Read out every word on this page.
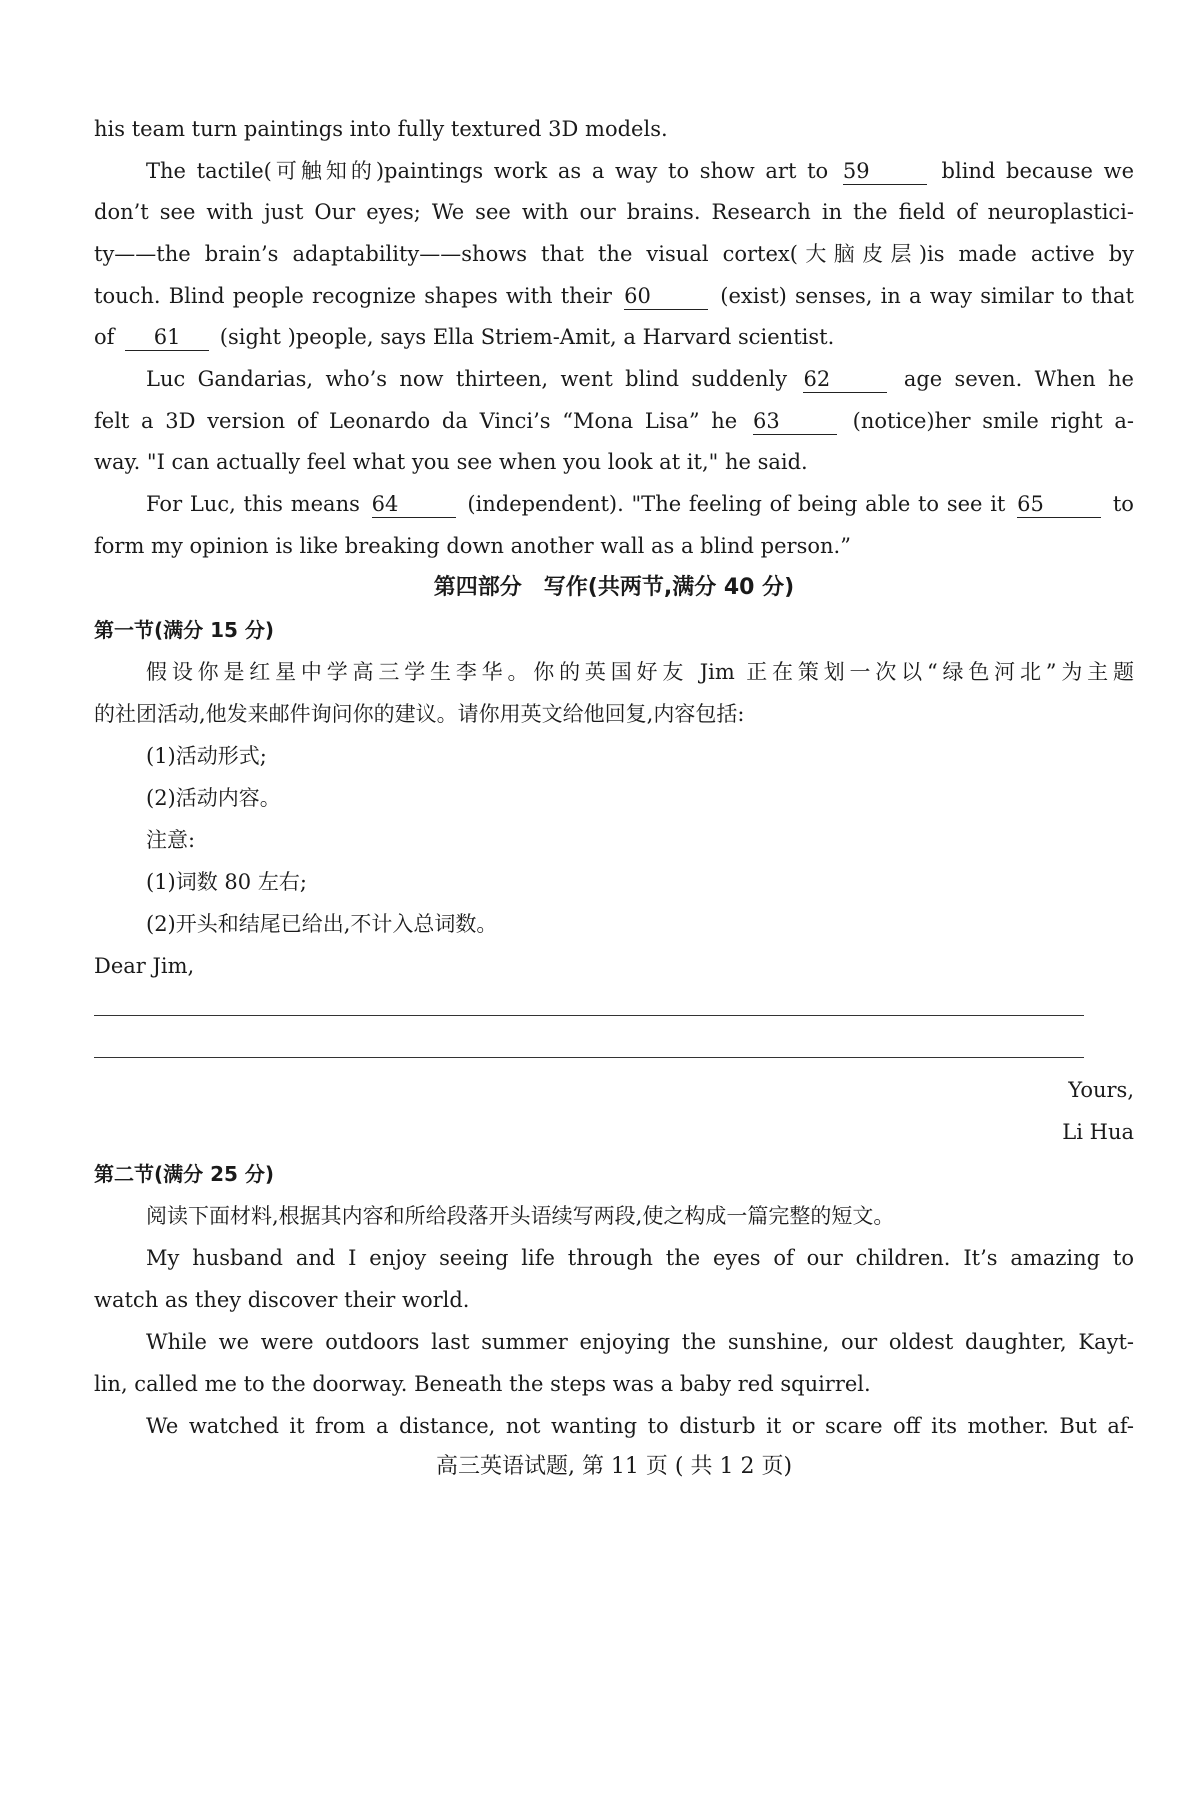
his team turn paintings into fully textured 3D models.
The tactile(可触知的)paintings work as a way to show art to 59	blind because we
don’t see with just Our eyes; We see with our brains. Research in the field of neuroplastici-
ty——the brain’s adaptability——shows that the visual cortex(大脑皮层)is made active by
touch. Blind people recognize shapes with their 60	(exist) senses, in a way similar to that
of 61 (sight )people, says Ella Striem-Amit, a Harvard scientist.
Luc Gandarias, who’s now thirteen, went blind suddenly 62	age seven. When he
felt a 3D version of Leonardo da Vinci’s “Mona Lisa” he 63	(notice)her smile right a-
way. "I can actually feel what you see when you look at it," he said.
For Luc, this means 64	(independent). "The feeling of being able to see it 65	to
form my opinion is like breaking down another wall as a blind person.”
第四部分　写作(共两节,满分 40 分)
第一节(满分 15 分)
假设你是红星中学高三学生李华。你的英国好友 Jim 正在策划一次以“绿色河北”为主题
的社团活动,他发来邮件询问你的建议。请你用英文给他回复,内容包括:
(1)活动形式;
(2)活动内容。
注意:
(1)词数 80 左右;
(2)开头和结尾已给出,不计入总词数。
Dear Jim,
Yours,
Li Hua
第二节(满分 25 分)
阅读下面材料,根据其内容和所给段落开头语续写两段,使之构成一篇完整的短文。
My husband and I enjoy seeing life through the eyes of our children. It’s amazing to
watch as they discover their world.
While we were outdoors last summer enjoying the sunshine, our oldest daughter, Kayt-
lin, called me to the doorway. Beneath the steps was a baby red squirrel.
We watched it from a distance, not wanting to disturb it or scare off its mother. But af-
高三英语试题, 第 11 页 ( 共 1 2 页)
